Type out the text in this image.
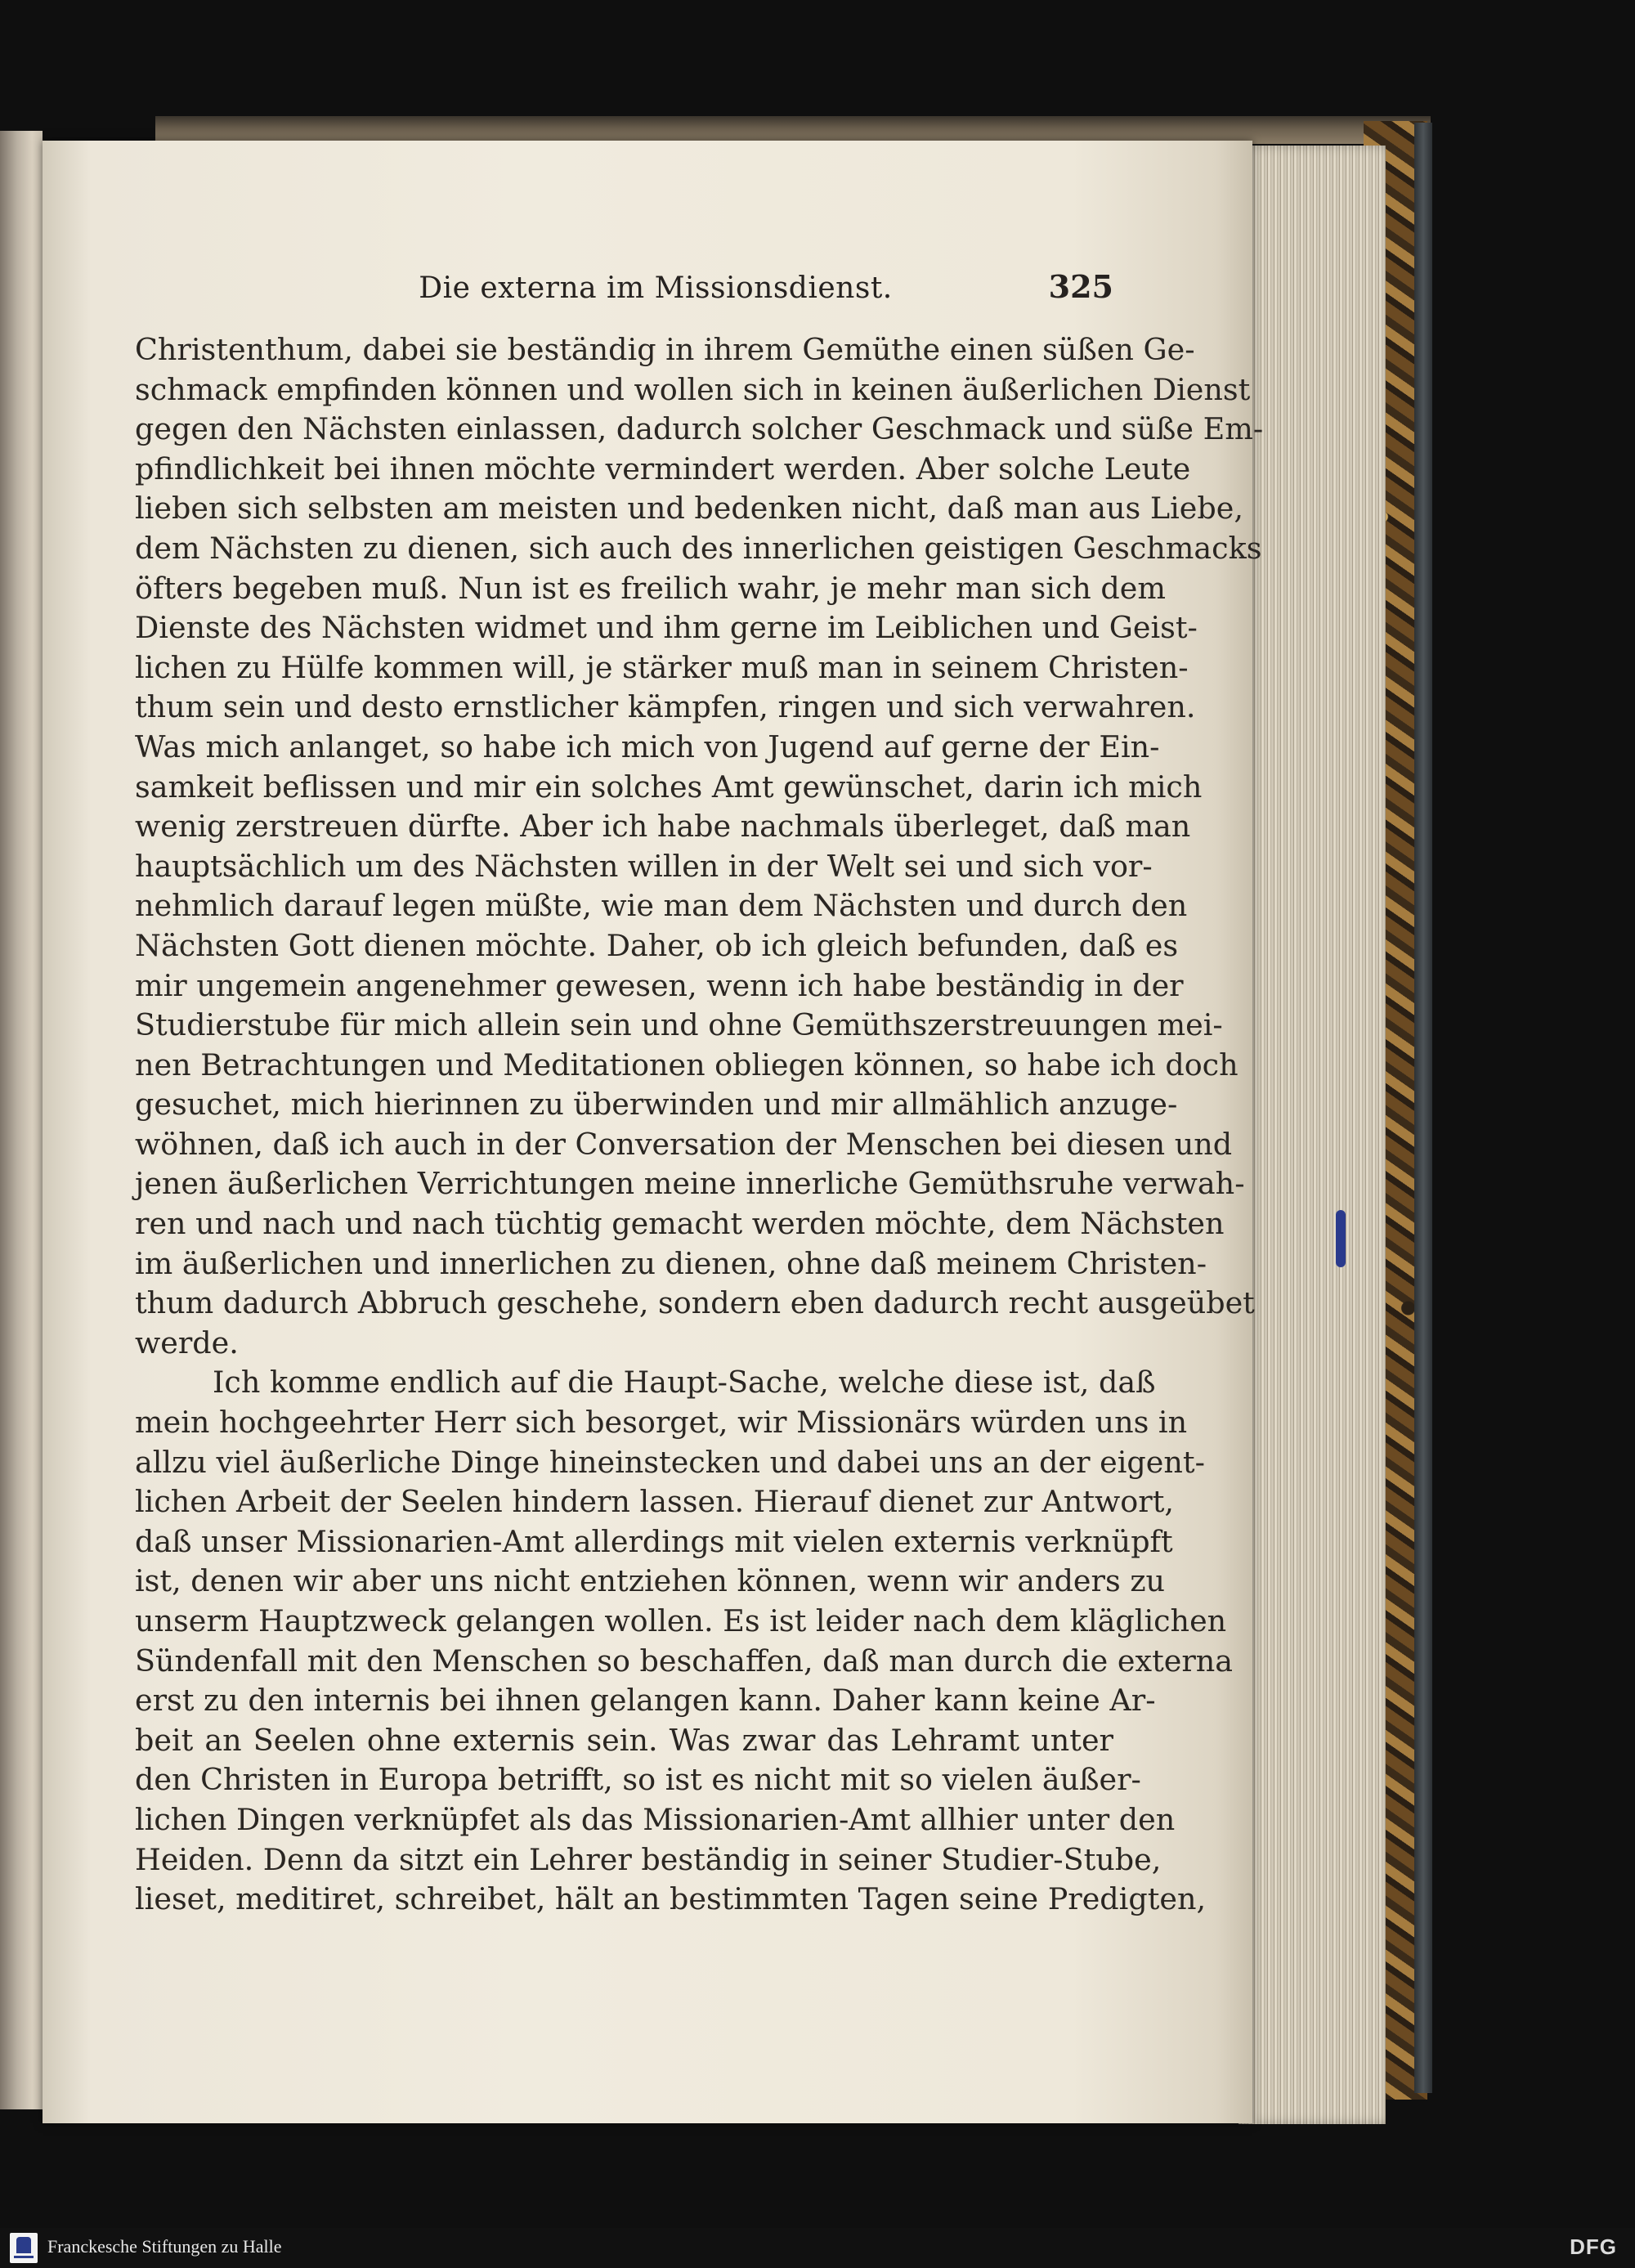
Die externa im Missionsdienst.	325
Christenthum, dabei sie beständig in ihrem Gemüthe einen süßen Ge-
schmack empfinden können und wollen sich in keinen äußerlichen Dienst
gegen den Nächsten einlassen, dadurch solcher Geschmack und süße Em-
pfindlichkeit bei ihnen möchte vermindert werden. Aber solche Leute
lieben sich selbsten am meisten und bedenken nicht, daß man aus Liebe,
dem Nächsten zu dienen, sich auch des innerlichen geistigen Geschmacks
öfters begeben muß. Nun ist es freilich wahr, je mehr man sich dem
Dienste des Nächsten widmet und ihm gerne im Leiblichen und Geist-
lichen zu Hülfe kommen will, je stärker muß man in seinem Christen-
thum sein und desto ernstlicher kämpfen, ringen und sich verwahren.
Was mich anlanget, so habe ich mich von Jugend auf gerne der Ein-
samkeit beflissen und mir ein solches Amt gewünschet, darin ich mich
wenig zerstreuen dürfte. Aber ich habe nachmals überleget, daß man
hauptsächlich um des Nächsten willen in der Welt sei und sich vor-
nehmlich darauf legen müßte, wie man dem Nächsten und durch den
Nächsten Gott dienen möchte. Daher, ob ich gleich befunden, daß es
mir ungemein angenehmer gewesen, wenn ich habe beständig in der
Studierstube für mich allein sein und ohne Gemüthszerstreuungen mei-
nen Betrachtungen und Meditationen obliegen können, so habe ich doch
gesuchet, mich hierinnen zu überwinden und mir allmählich anzuge-
wöhnen, daß ich auch in der Conversation der Menschen bei diesen und
jenen äußerlichen Verrichtungen meine innerliche Gemüthsruhe verwah-
ren und nach und nach tüchtig gemacht werden möchte, dem Nächsten
im äußerlichen und innerlichen zu dienen, ohne daß meinem Christen-
thum dadurch Abbruch geschehe, sondern eben dadurch recht ausgeübet
werde.
Ich komme endlich auf die Haupt-Sache, welche diese ist, daß
mein hochgeehrter Herr sich besorget, wir Missionärs würden uns in
allzu viel äußerliche Dinge hineinstecken und dabei uns an der eigent-
lichen Arbeit der Seelen hindern lassen. Hierauf dienet zur Antwort,
daß unser Missionarien-Amt allerdings mit vielen externis verknüpft
ist, denen wir aber uns nicht entziehen können, wenn wir anders zu
unserm Hauptzweck gelangen wollen. Es ist leider nach dem kläglichen
Sündenfall mit den Menschen so beschaffen, daß man durch die externa
erst zu den internis bei ihnen gelangen kann. Daher kann keine Ar-
beit an Seelen ohne externis sein. Was zwar das Lehramt unter
den Christen in Europa betrifft, so ist es nicht mit so vielen äußer-
lichen Dingen verknüpfet als das Missionarien-Amt allhier unter den
Heiden. Denn da sitzt ein Lehrer beständig in seiner Studier-Stube,
lieset, meditiret, schreibet, hält an bestimmten Tagen seine Predigten,
Franckesche Stiftungen zu Halle	DFG
